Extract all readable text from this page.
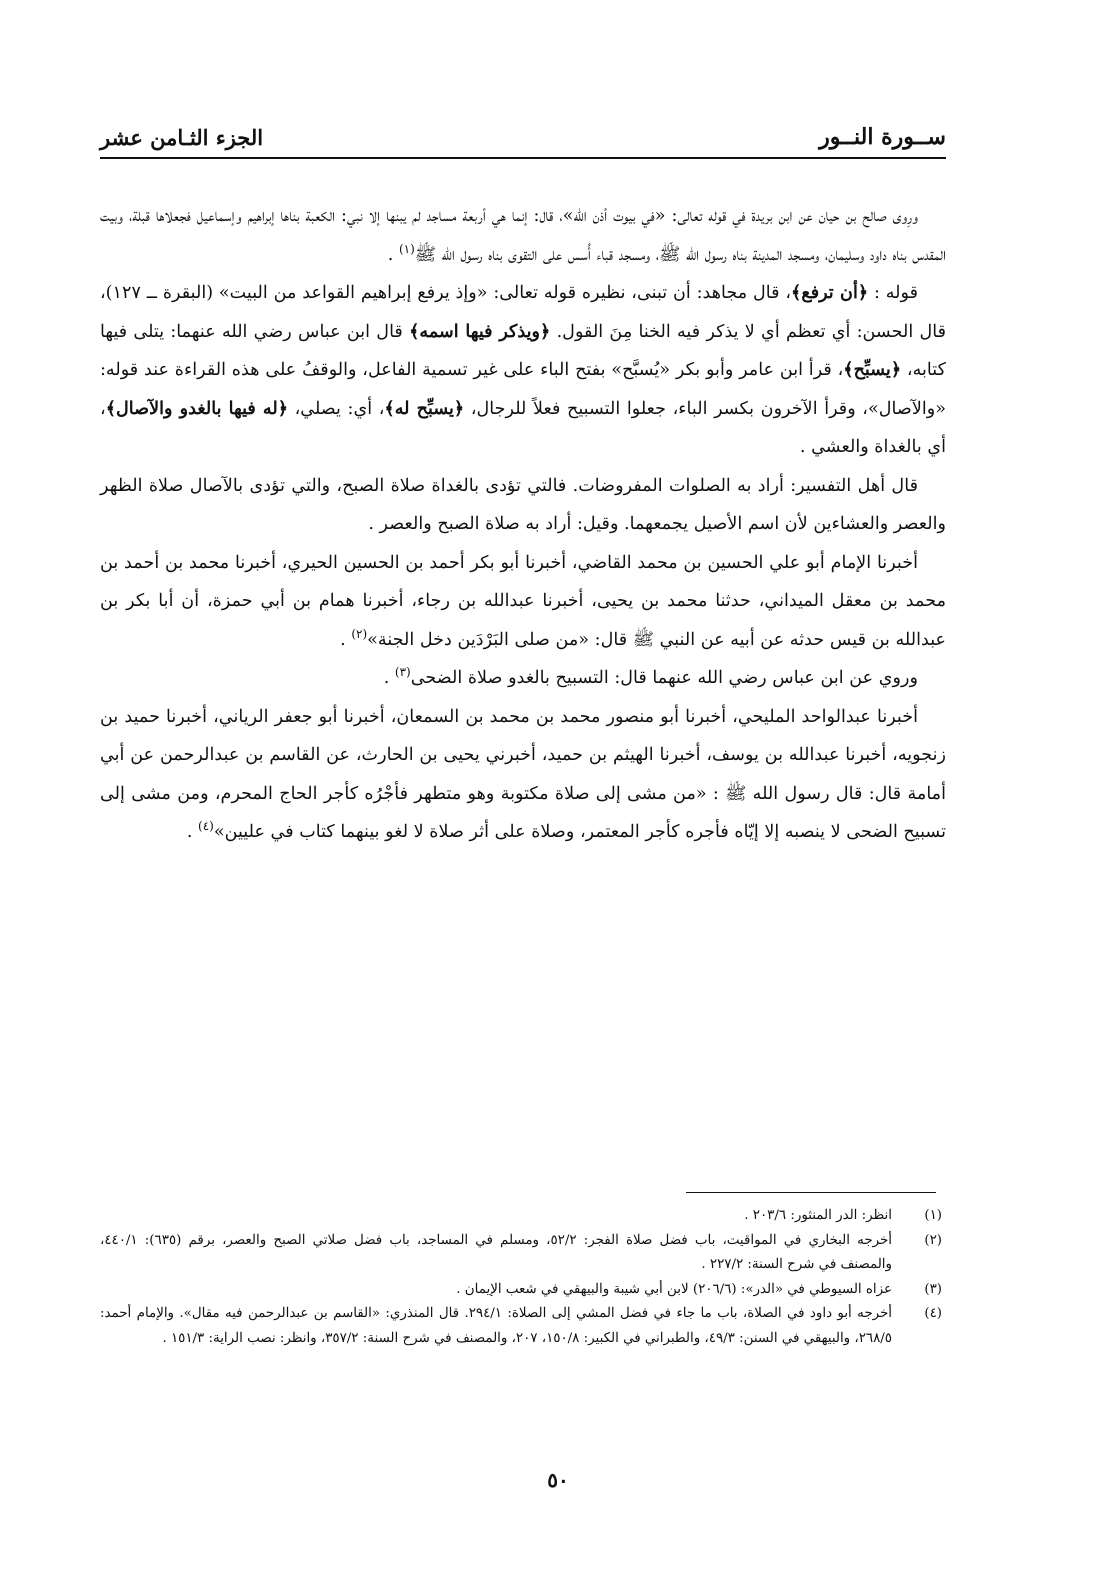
ســورة النــور
الجزء الثـامن عشر

ورِوى صالح بن حيان عن ابن بريدة في قوله تعالى: «في بيوت أذن الله»، قال: إنما هي أربعة مساجد لم يبنها إلا نبي: الكعبة بناها إبراهيم وإسماعيل فجعلاها قبلة، وبيت المقدس بناه داود وسليمان، ومسجد المدينة بناه رسول الله ﷺ، ومسجد قباء أُسس على التقوى بناه رسول الله ﷺ$^{(١)}$ .

قوله : ﴿أن ترفع﴾، قال مجاهد: أن تبنى، نظيره قوله تعالى: «وإذ يرفع إبراهيم القواعد من البيت» (البقرة ــ ١٢٧)، قال الحسن: أي تعظم أي لا يذكر فيه الخنا مِنَ القول. ﴿ويذكر فيها اسمه﴾ قال ابن عباس رضي الله عنهما: يتلى فيها كتابه، ﴿يسبِّح﴾، قرأ ابن عامر وأبو بكر «يُسبَّح» بفتح الباء على غير تسمية الفاعل، والوقفُ على هذه القراءة عند قوله: «والآصال»، وقرأ الآخرون بكسر الباء، جعلوا التسبيح فعلاً للرجال، ﴿يسبِّح له﴾، أي: يصلي، ﴿له فيها بالغدو والآصال﴾، أي بالغداة والعشي .

قال أهل التفسير: أراد به الصلوات المفروضات. فالتي تؤدى بالغداة صلاة الصبح، والتي تؤدى بالآصال صلاة الظهر والعصر والعشاءين لأن اسم الأصيل يجمعهما. وقيل: أراد به صلاة الصبح والعصر .

أخبرنا الإمام أبو علي الحسين بن محمد القاضي، أخبرنا أبو بكر أحمد بن الحسين الحيري، أخبرنا محمد بن أحمد بن محمد بن معقل الميداني، حدثنا محمد بن يحيى، أخبرنا عبدالله بن رجاء، أخبرنا همام بن أبي حمزة، أن أبا بكر بن عبدالله بن قيس حدثه عن أبيه عن النبي ﷺ قال: «من صلى البَرْدَين دخل الجنة»$^{(٢)}$ .

وروي عن ابن عباس رضي الله عنهما قال: التسبيح بالغدو صلاة الضحى$^{(٣)}$ .

أخبرنا عبدالواحد المليحي، أخبرنا أبو منصور محمد بن محمد بن السمعان، أخبرنا أبو جعفر الرياني، أخبرنا حميد بن زنجويه، أخبرنا عبدالله بن يوسف، أخبرنا الهيثم بن حميد، أخبرني يحيى بن الحارث، عن القاسم بن عبدالرحمن عن أبي أمامة قال: قال رسول الله ﷺ : «من مشى إلى صلاة مكتوبة وهو متطهر فأجْرُه كأجر الحاج المحرم، ومن مشى إلى تسبيح الضحى لا ينصبه إلا إيّاه فأجره كأجر المعتمر، وصلاة على أثر صلاة لا لغو بينهما كتاب في عليين»$^{(٤)}$ .

(١)
انظر: الدر المنثور: ٢٠٣/٦ .
(٢)
أخرجه البخاري في المواقيت، باب فضل صلاة الفجر: ٥٢/٢، ومسلم في المساجد، باب فضل صلاتي الصبح والعصر، برقم (٦٣٥): ٤٤٠/١، والمصنف في شرح السنة: ٢٢٧/٢ .
(٣)
عزاه السيوطي في «الدر»: (٢٠٦/٦) لابن أبي شيبة والبيهقي في شعب الإيمان .
(٤)
أخرجه أبو داود في الصلاة، باب ما جاء في فضل المشي إلى الصلاة: ٢٩٤/١. قال المنذري: «القاسم بن عبدالرحمن فيه مقال». والإمام أحمد: ٢٦٨/٥، والبيهقي في السنن: ٤٩/٣، والطبراني في الكبير: ١٥٠/٨، ٢٠٧، والمصنف في شرح السنة: ٣٥٧/٢، وانظر: نصب الراية: ١٥١/٣ .
٥٠
